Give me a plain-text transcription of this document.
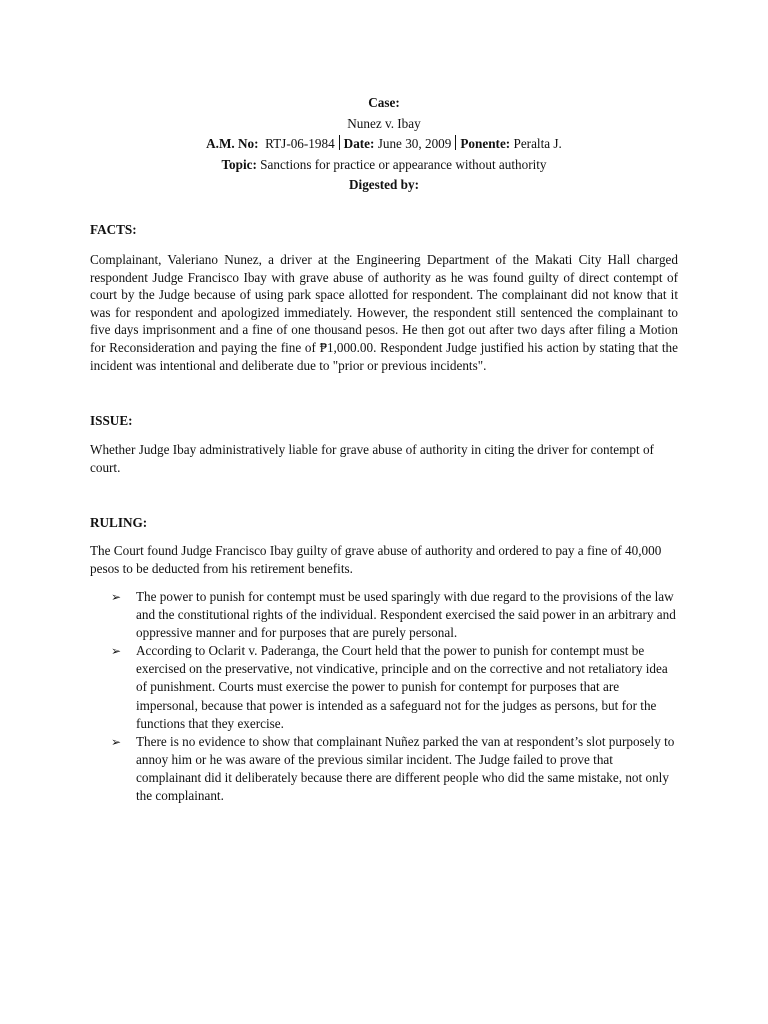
Case:
Nunez v. Ibay
A.M. No: RTJ-06-1984 Date: June 30, 2009 Ponente: Peralta J.
Topic: Sanctions for practice or appearance without authority
Digested by:
FACTS:
Complainant, Valeriano Nunez, a driver at the Engineering Department of the Makati City Hall charged respondent Judge Francisco Ibay with grave abuse of authority as he was found guilty of direct contempt of court by the Judge because of using park space allotted for respondent. The complainant did not know that it was for respondent and apologized immediately. However, the respondent still sentenced the complainant to five days imprisonment and a fine of one thousand pesos. He then got out after two days after filing a Motion for Reconsideration and paying the fine of ₱1,000.00. Respondent Judge justified his action by stating that the incident was intentional and deliberate due to "prior or previous incidents".
ISSUE:
Whether Judge Ibay administratively liable for grave abuse of authority in citing the driver for contempt of court.
RULING:
The Court found Judge Francisco Ibay guilty of grave abuse of authority and ordered to pay a fine of 40,000 pesos to be deducted from his retirement benefits.
➢ The power to punish for contempt must be used sparingly with due regard to the provisions of the law and the constitutional rights of the individual. Respondent exercised the said power in an arbitrary and oppressive manner and for purposes that are purely personal.
➢ According to Oclarit v. Paderanga, the Court held that the power to punish for contempt must be exercised on the preservative, not vindicative, principle and on the corrective and not retaliatory idea of punishment. Courts must exercise the power to punish for contempt for purposes that are impersonal, because that power is intended as a safeguard not for the judges as persons, but for the functions that they exercise.
➢ There is no evidence to show that complainant Nuñez parked the van at respondent’s slot purposely to annoy him or he was aware of the previous similar incident. The Judge failed to prove that complainant did it deliberately because there are different people who did the same mistake, not only the complainant.
